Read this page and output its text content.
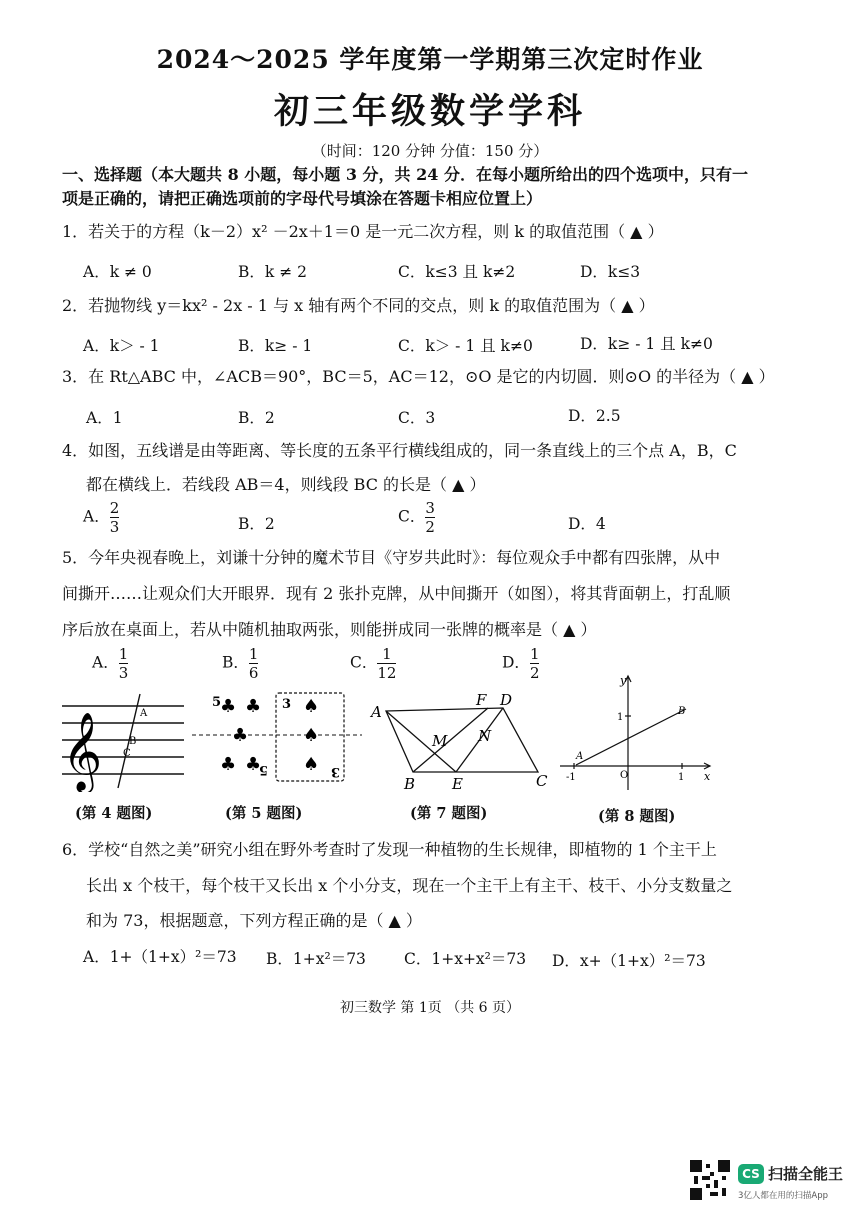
2024～2025 学年度第一学期第三次定时作业
初三年级数学学科
（时间：120 分钟 分值：150 分）
一、选择题（本大题共 8 小题，每小题 3 分，共 24 分．在每小题所给出的四个选项中，只有一
项是正确的，请把正确选项前的字母代号填涂在答题卡相应位置上）
1．若关于的方程（k－2）x² －2x＋1＝0 是一元二次方程，则 k 的取值范围（ ▲ ）
A．k ≠ 0	B．k ≠ 2	C．k≤3 且 k≠2	D．k≤3
2．若抛物线 y＝kx² - 2x - 1 与 x 轴有两个不同的交点，则 k 的取值范围为（ ▲ ）
A．k＞ - 1	B．k≥ - 1	C．k＞ - 1 且 k≠0	D．k≥ - 1 且 k≠0
3．在 Rt△ABC 中，∠ACB＝90°，BC＝5，AC＝12，⊙O 是它的内切圆．则⊙O 的半径为（ ▲ ）
A．1	B．2	C．3	D．2.5
4．如图，五线谱是由等距离、等长度的五条平行横线组成的，同一条直线上的三个点 A，B，C
都在横线上．若线段 AB＝4，则线段 BC 的长是（ ▲ ）
A． $\frac{2}{3}$	B．2	C． $\frac{3}{2}$	D．4
5．今年央视春晚上，刘谦十分钟的魔术节目《守岁共此时》：每位观众手中都有四张牌，从中
间撕开……让观众们大开眼界．现有 2 张扑克牌，从中间撕开（如图），将其背面朝上，打乱顺
序后放在桌面上，若从中随机抽取两张，则能拼成同一张牌的概率是（ ▲ ）
A． $\frac{1}{3}$	B． $\frac{1}{6}$	C． $\frac{1}{12}$	D． $\frac{1}{2}$
𝄞	A
B
C
(第 4 题图)
5
♣ ♣
♣
♣ ♣
5
3 ♠
♠
♠ 3
(第 5 题图)
A
F D
M N
B E	C
(第 7 题图)
y
x
O	1
-1
1
B
A
(第 8 题图)
6．学校“自然之美”研究小组在野外考查时了发现一种植物的生长规律，即植物的 1 个主干上
长出 x 个枝干，每个枝干又长出 x 个小分支，现在一个主干上有主干、枝干、小分支数量之
和为 73，根据题意，下列方程正确的是（ ▲ ）
A．1+（1+x）²＝73 B．1+x²＝73 C．1+x+x²＝73 D．x+（1+x）²＝73
初三数学 第 1页 （共 6 页）
CS 扫描全能王
3亿人都在用的扫描App
